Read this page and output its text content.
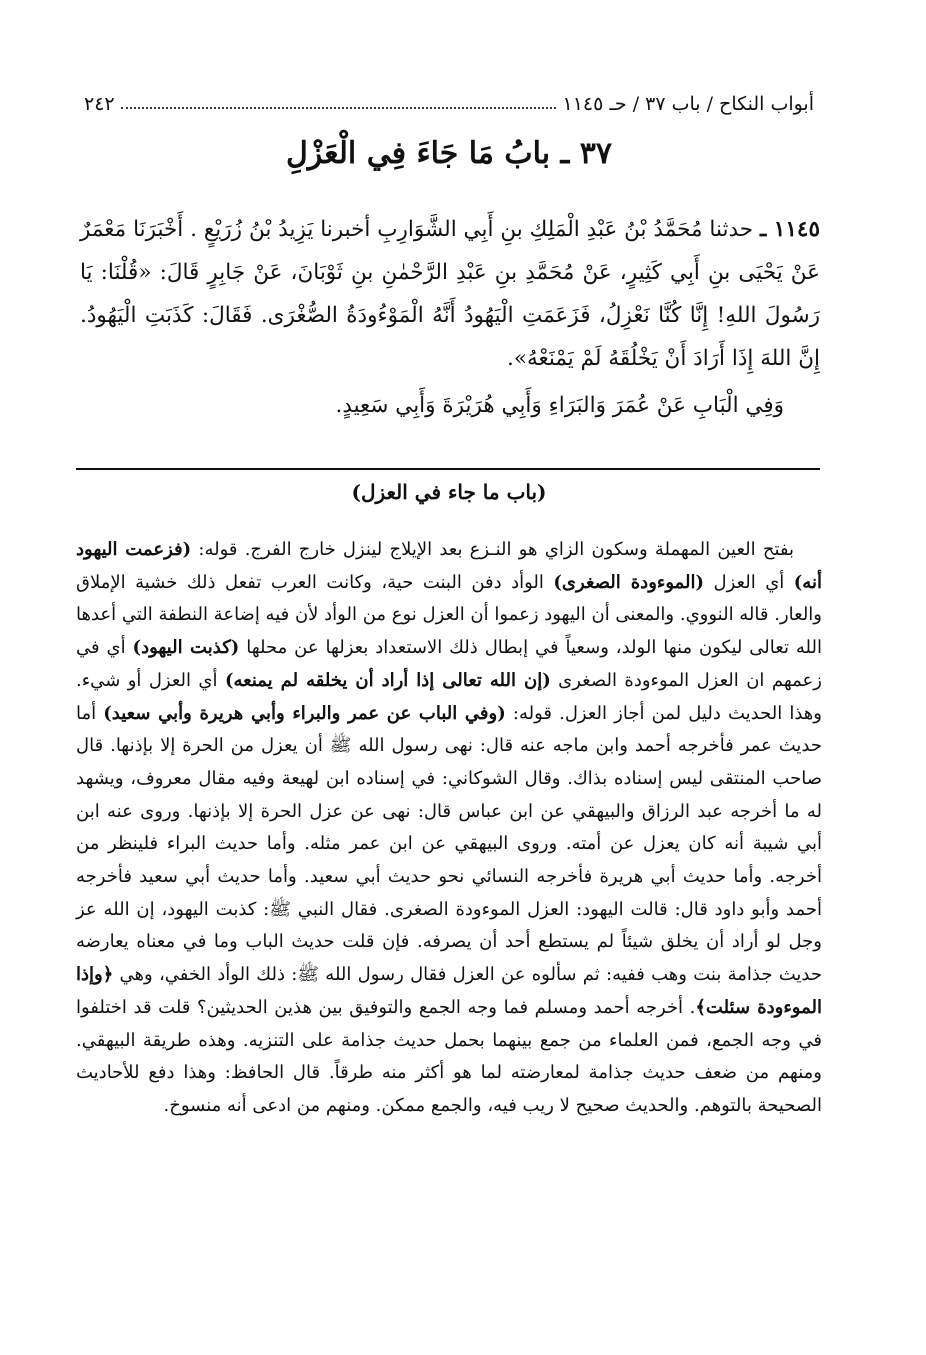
أبواب النكاح / باب ٣٧ / حـ ١١٤٥
٢٤٢
٣٧ ـ بابُ مَا جَاءَ فِي الْعَزْلِ

١١٤٥ ـ حدثنا مُحَمَّدُ بْنُ عَبْدِ الْمَلِكِ بنِ أَبِي الشَّوَارِبِ أخبرنا يَزِيدُ بْنُ زُرَيْعٍ . أَخْبَرَنَا مَعْمَرٌ عَنْ يَحْيَى بنِ أَبِي كَثِيرٍ، عَنْ مُحَمَّدِ بنِ عَبْدِ الرَّحْمٰنِ بنِ ثَوْبَانَ، عَنْ جَابِرٍ قَالَ: «قُلْنَا: يَا رَسُولَ اللهِ! إِنَّا كُنَّا نَعْزِلُ، فَزَعَمَتِ الْيَهُودُ أَنَّهُ الْمَوْءُودَةُ الصُّغْرَى. فَقَالَ: كَذَبَتِ الْيَهُودُ. إِنَّ اللهَ إِذَا أَرَادَ أَنْ يَخْلُقَهُ لَمْ يَمْنَعْهُ».

وَفِي الْبَابِ عَنْ عُمَرَ وَالبَرَاءِ وَأَبِي هُرَيْرَةَ وَأَبِي سَعِيدٍ.

(باب ما جاء في العزل)

بفتح العين المهملة وسكون الزاي هو النـزع بعد الإيلاج لينزل خارج الفرج. قوله: (فزعمت اليهود أنه) أي العزل (الموءودة الصغرى) الوأد دفن البنت حية، وكانت العرب تفعل ذلك خشية الإملاق والعار. قاله النووي. والمعنى أن اليهود زعموا أن العزل نوع من الوأد لأن فيه إضاعة النطفة التي أعدها الله تعالى ليكون منها الولد، وسعياً في إبطال ذلك الاستعداد بعزلها عن محلها (كذبت اليهود) أي في زعمهم ان العزل الموءودة الصغرى (إن الله تعالى إذا أراد أن يخلقه لم يمنعه) أي العزل أو شيء. وهذا الحديث دليل لمن أجاز العزل. قوله: (وفي الباب عن عمر والبراء وأبي هريرة وأبي سعيد) أما حديث عمر فأخرجه أحمد وابن ماجه عنه قال: نهى رسول الله ﷺ أن يعزل من الحرة إلا بإذنها. قال صاحب المنتقى ليس إسناده بذاك. وقال الشوكاني: في إسناده ابن لهيعة وفيه مقال معروف، ويشهد له ما أخرجه عبد الرزاق والبيهقي عن ابن عباس قال: نهى عن عزل الحرة إلا بإذنها. وروى عنه ابن أبي شيبة أنه كان يعزل عن أمته. وروى البيهقي عن ابن عمر مثله. وأما حديث البراء فلينظر من أخرجه. وأما حديث أبي هريرة فأخرجه النسائي نحو حديث أبي سعيد. وأما حديث أبي سعيد فأخرجه أحمد وأبو داود قال: قالت اليهود: العزل الموءودة الصغرى. فقال النبي ﷺ: كذبت اليهود، إن الله عز وجل لو أراد أن يخلق شيئاً لم يستطع أحد أن يصرفه. فإن قلت حديث الباب وما في معناه يعارضه حديث جذامة بنت وهب ففيه: ثم سألوه عن العزل فقال رسول الله ﷺ: ذلك الوأد الخفي، وهي ﴿وإذا الموءودة سئلت﴾. أخرجه أحمد ومسلم فما وجه الجمع والتوفيق بين هذين الحديثين؟ قلت قد اختلفوا في وجه الجمع، فمن العلماء من جمع بينهما بحمل حديث جذامة على التنزيه. وهذه طريقة البيهقي. ومنهم من ضعف حديث جذامة لمعارضته لما هو أكثر منه طرقاً. قال الحافظ: وهذا دفع للأحاديث الصحيحة بالتوهم. والحديث صحيح لا ريب فيه، والجمع ممكن. ومنهم من ادعى أنه منسوخ.
